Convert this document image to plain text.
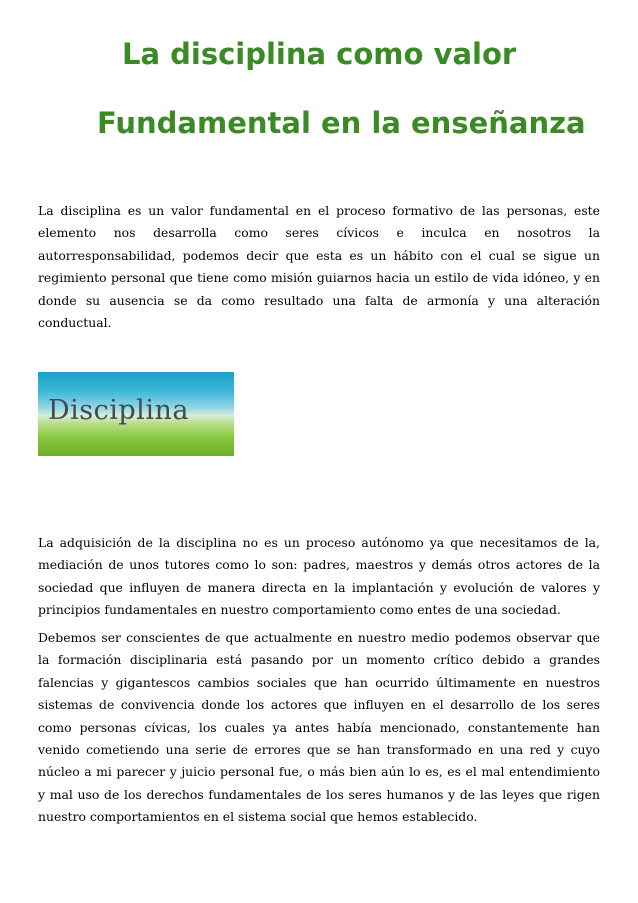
La disciplina como valor
Fundamental en la enseñanza

La disciplina es un valor fundamental en el proceso formativo de las personas, este elemento nos desarrolla como seres cívicos e inculca en nosotros la autorresponsabilidad, podemos decir que esta es un hábito con el cual se sigue un regimiento personal que tiene como misión guiarnos hacia un estilo de vida idóneo, y en donde su ausencia se da como resultado una falta de armonía y una alteración conductual.

Disciplina

La adquisición de la disciplina no es un proceso autónomo ya que necesitamos de la, mediación de unos tutores como lo son: padres, maestros y demás otros actores de la sociedad que influyen de manera directa en la implantación y evolución de valores y principios fundamentales en nuestro comportamiento como entes de una sociedad.

Debemos ser conscientes de que actualmente en nuestro medio podemos observar que la formación disciplinaria está pasando por un momento crítico debido a grandes falencias y gigantescos cambios sociales que han ocurrido últimamente en nuestros sistemas de convivencia donde los actores que influyen en el desarrollo de los seres como personas cívicas, los cuales ya antes había mencionado, constantemente han venido cometiendo una serie de errores que se han transformado en una red y cuyo núcleo a mi parecer y juicio personal fue, o más bien aún lo es, es el mal entendimiento y mal uso de los derechos fundamentales de los seres humanos y de las leyes que rigen nuestro comportamientos en el sistema social que hemos establecido.
